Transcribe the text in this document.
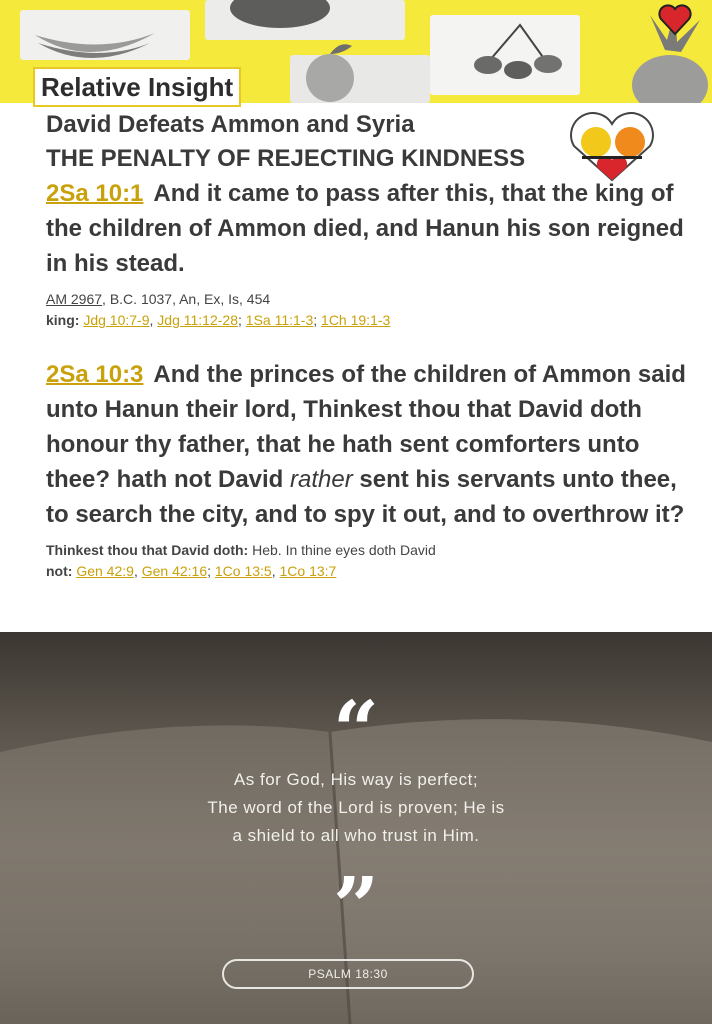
Relative Insight

David Defeats Ammon and Syria

THE PENALTY OF REJECTING KINDNESS

2Sa 10:1 And it came to pass after this, that the king of the children of Ammon died, and Hanun his son reigned in his stead.

AM 2967, B.C. 1037, An, Ex, Is, 454

king: Jdg 10:7-9, Jdg 11:12-28; 1Sa 11:1-3; 1Ch 19:1-3

2Sa 10:3 And the princes of the children of Ammon said unto Hanun their lord, Thinkest thou that David doth honour thy father, that he hath sent comforters unto thee? hath not David rather sent his servants unto thee, to search the city, and to spy it out, and to overthrow it?

Thinkest thou that David doth: Heb. In thine eyes doth David

not: Gen 42:9, Gen 42:16; 1Co 13:5, 1Co 13:7

“
As for God, His way is perfect;
The word of the Lord is proven; He is
a shield to all who trust in Him.
”
PSALM 18:30
